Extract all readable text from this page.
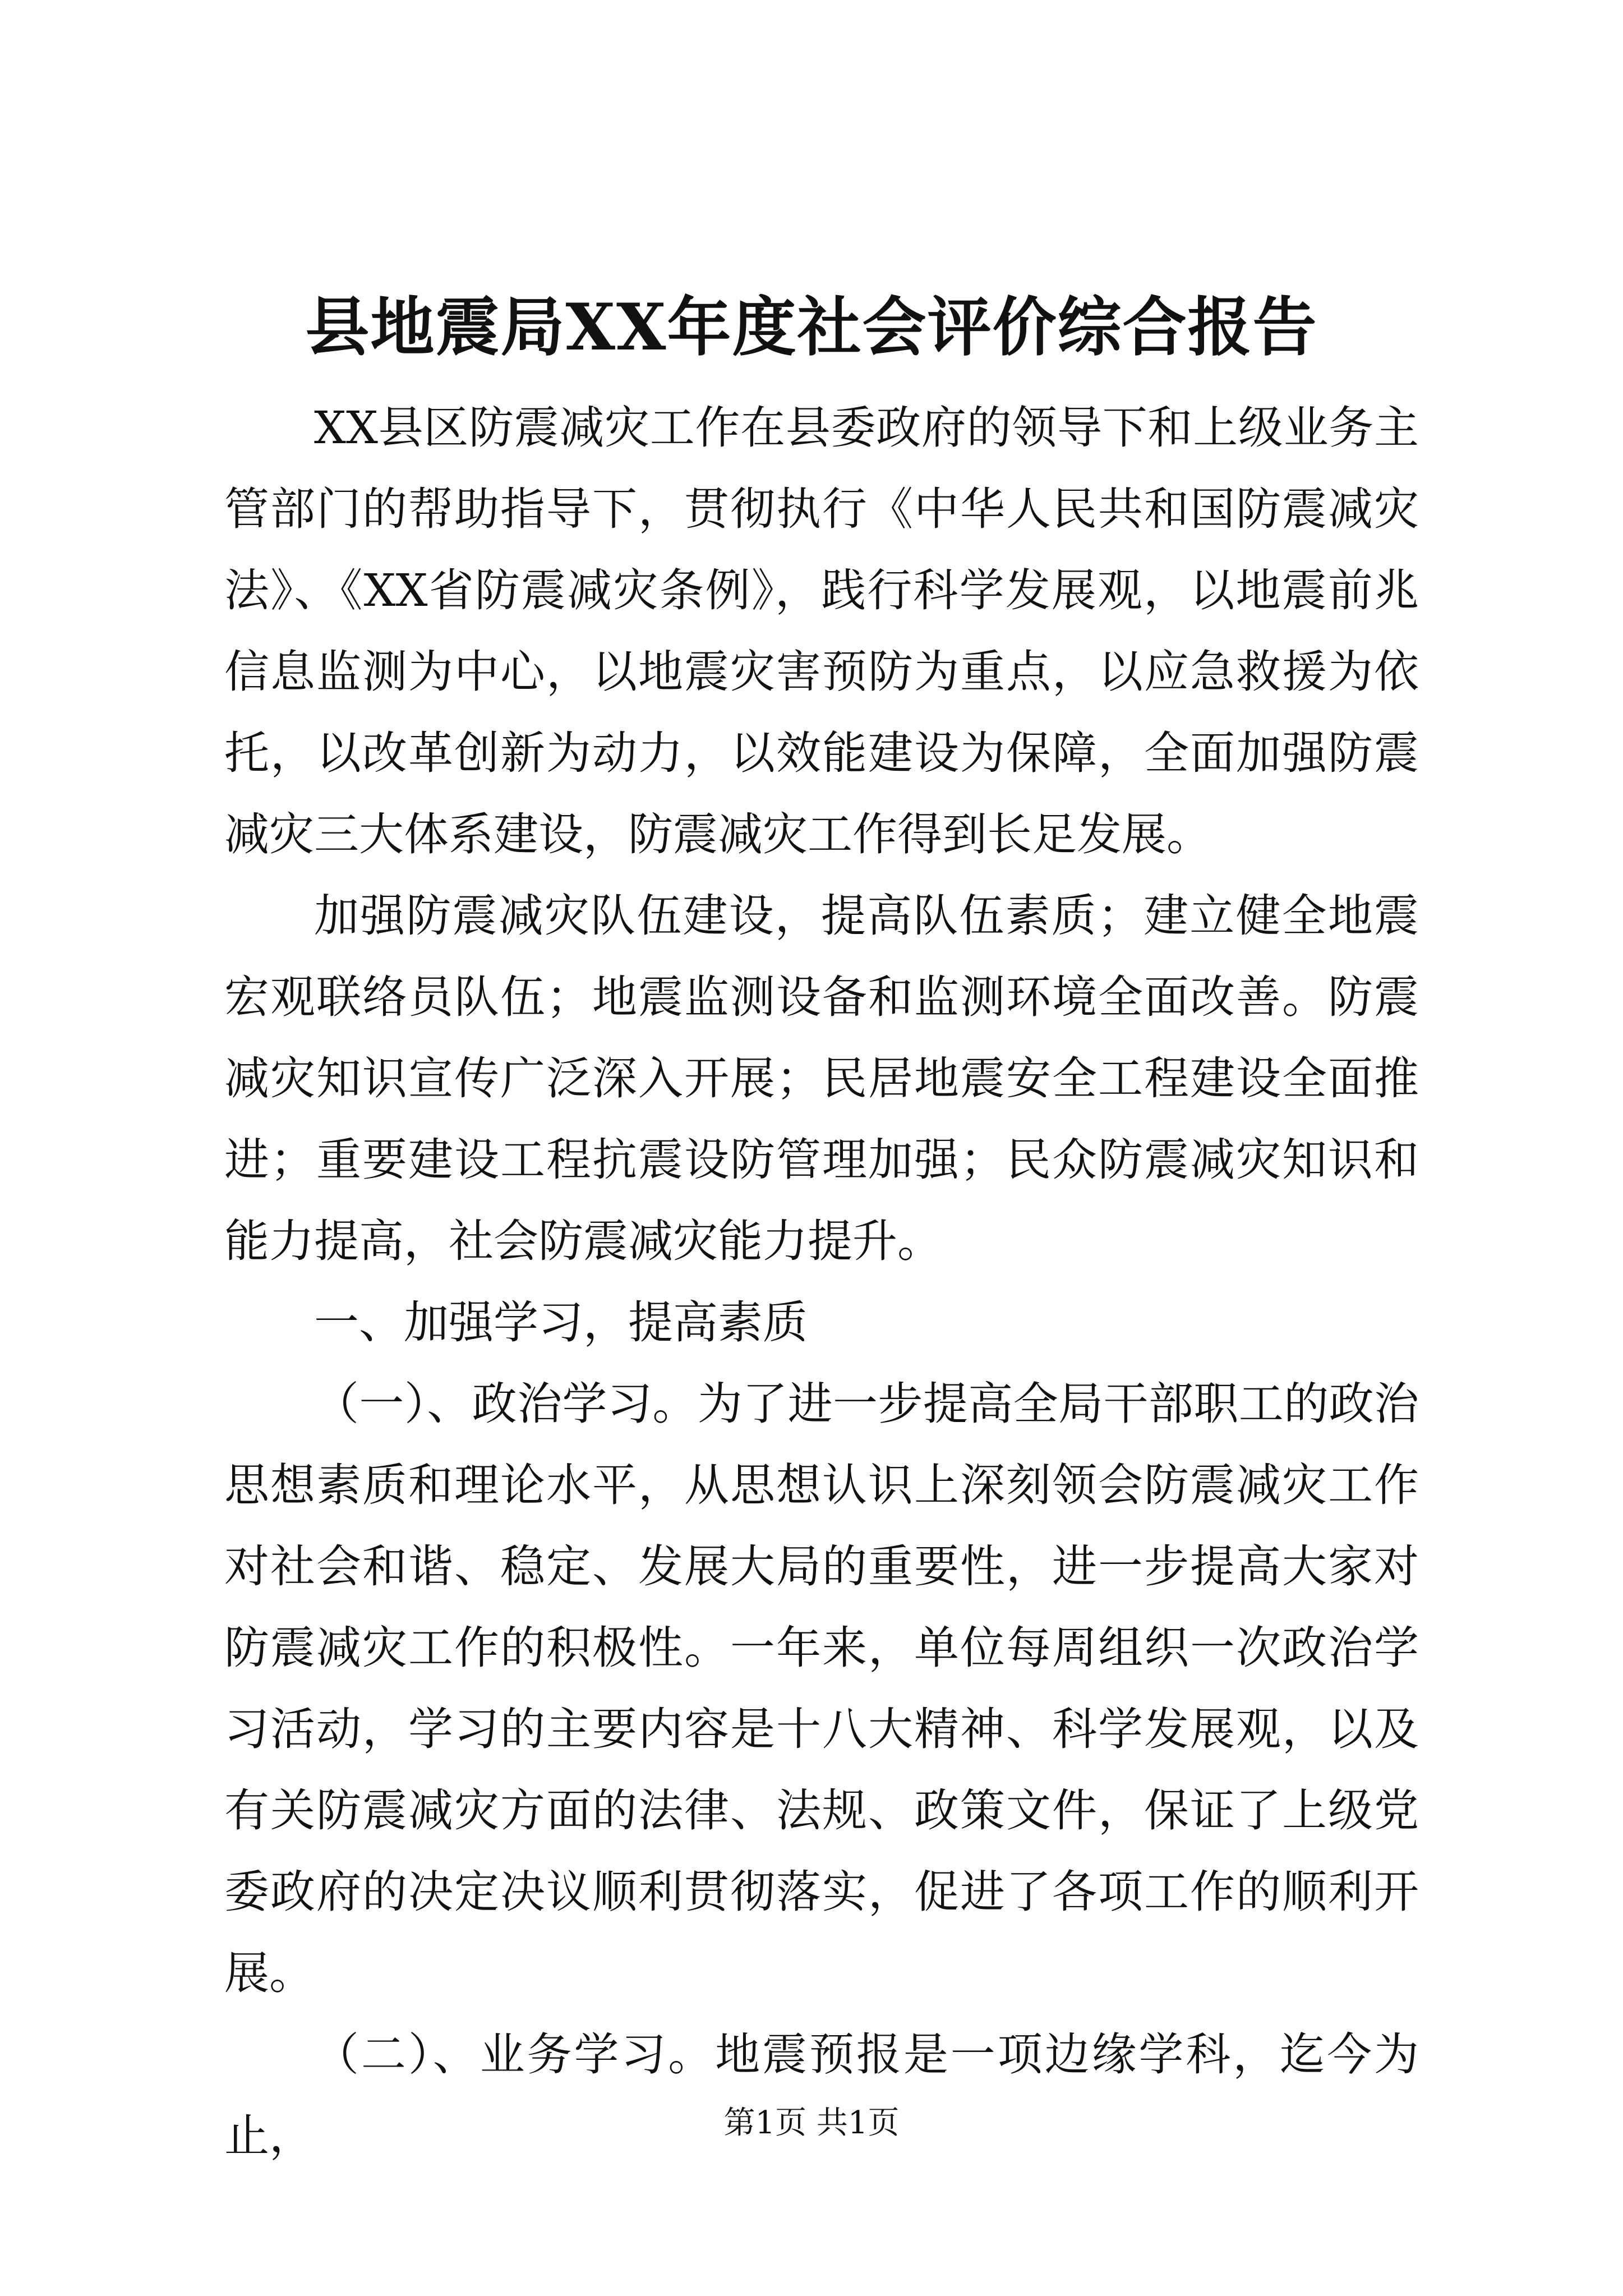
县地震局XX年度社会评价综合报告

XX县区防震减灾工作在县委政府的领导下和上级业务主管部门的帮助指导下，贯彻执行《中华人民共和国防震减灾法》、《XX省防震减灾条例》，践行科学发展观，以地震前兆信息监测为中心，以地震灾害预防为重点，以应急救援为依托，以改革创新为动力，以效能建设为保障，全面加强防震减灾三大体系建设，防震减灾工作得到长足发展。

加强防震减灾队伍建设，提高队伍素质；建立健全地震宏观联络员队伍；地震监测设备和监测环境全面改善。防震减灾知识宣传广泛深入开展；民居地震安全工程建设全面推进；重要建设工程抗震设防管理加强；民众防震减灾知识和能力提高，社会防震减灾能力提升。

一、加强学习，提高素质

（一）、政治学习。为了进一步提高全局干部职工的政治思想素质和理论水平，从思想认识上深刻领会防震减灾工作对社会和谐、稳定、发展大局的重要性，进一步提高大家对防震减灾工作的积极性。一年来，单位每周组织一次政治学习活动，学习的主要内容是十八大精神、科学发展观，以及有关防震减灾方面的法律、法规、政策文件，保证了上级党委政府的决定决议顺利贯彻落实，促进了各项工作的顺利开展。

（二）、业务学习。地震预报是一项边缘学科，迄今为止，	第1页 共1页
